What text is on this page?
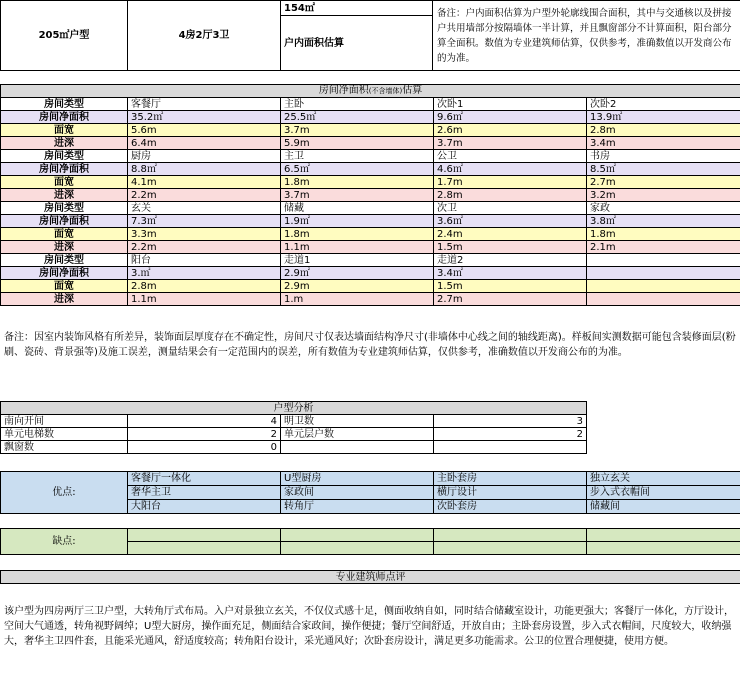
205㎡户型	4房2厅3卫	154㎡	备注：户内面积估算为户型外轮廓线围合面积，其中与交通核以及拼接户共用墙部分按隔墙体一半计算，并且飘窗部分不计算面积，阳台部分算全面积。数值为专业建筑师估算，仅供参考，准确数值以开发商公布的为准。
户内面积估算
房间净面积(不含墙体)估算				
房间类型	客餐厅	主卧	次卧1	次卧2
房间净面积	35.2㎡	25.5㎡	9.6㎡	13.9㎡
面宽	5.6m	3.7m	2.6m	2.8m
进深	6.4m	5.9m	3.7m	3.4m
房间类型	厨房	主卫	公卫	书房
房间净面积	8.8㎡	6.5㎡	4.6㎡	8.5㎡
面宽	4.1m	1.8m	1.7m	2.7m
进深	2.2m	3.7m	2.8m	3.2m
房间类型	玄关	储藏	次卫	家政
房间净面积	7.3㎡	1.9㎡	3.6㎡	3.8㎡
面宽	3.3m	1.8m	2.4m	1.8m
进深	2.2m	1.1m	1.5m	2.1m
房间类型	阳台	走道1	走道2	
房间净面积	3.㎡	2.9㎡	3.4㎡	
面宽	2.8m	2.9m	1.5m	
进深	1.1m	1.m	2.7m	
备注：因室内装饰风格有所差异，装饰面层厚度存在不确定性，房间尺寸仅表达墙面结构净尺寸(非墙体中心线之间的轴线距离)。样板间实测数据可能包含装修面层(粉刷、瓷砖、背景强等)及施工误差，测量结果会有一定范围内的误差，所有数值为专业建筑师估算，仅供参考，准确数值以开发商公布的为准。
户型分析			
南向开间	4	明卫数	3
单元电梯数	2	单元层户数	2
飘窗数	0		
优点:	客餐厅一体化	U型厨房	主卧套房	独立玄关
	奢华主卫	家政间	横厅设计	步入式衣帽间
	大阳台	转角厅	次卧套房	储藏间
缺点:				

专业建筑师点评
该户型为四房两厅三卫户型，大转角厅式布局。入户对景独立玄关，不仅仪式感十足，侧面收纳自如，同时结合储藏室设计，功能更强大；客餐厅一体化，方厅设计，空间大气通透，转角视野阔绰；U型大厨房，操作面充足，侧面结合家政间，操作便捷；餐厅空间舒适，开放自由；主卧套房设置，步入式衣帽间，尺度较大，收纳强大，奢华主卫四件套，且能采光通风，舒适度较高；转角阳台设计，采光通风好；次卧套房设计，满足更多功能需求。公卫的位置合理便捷，使用方便。
